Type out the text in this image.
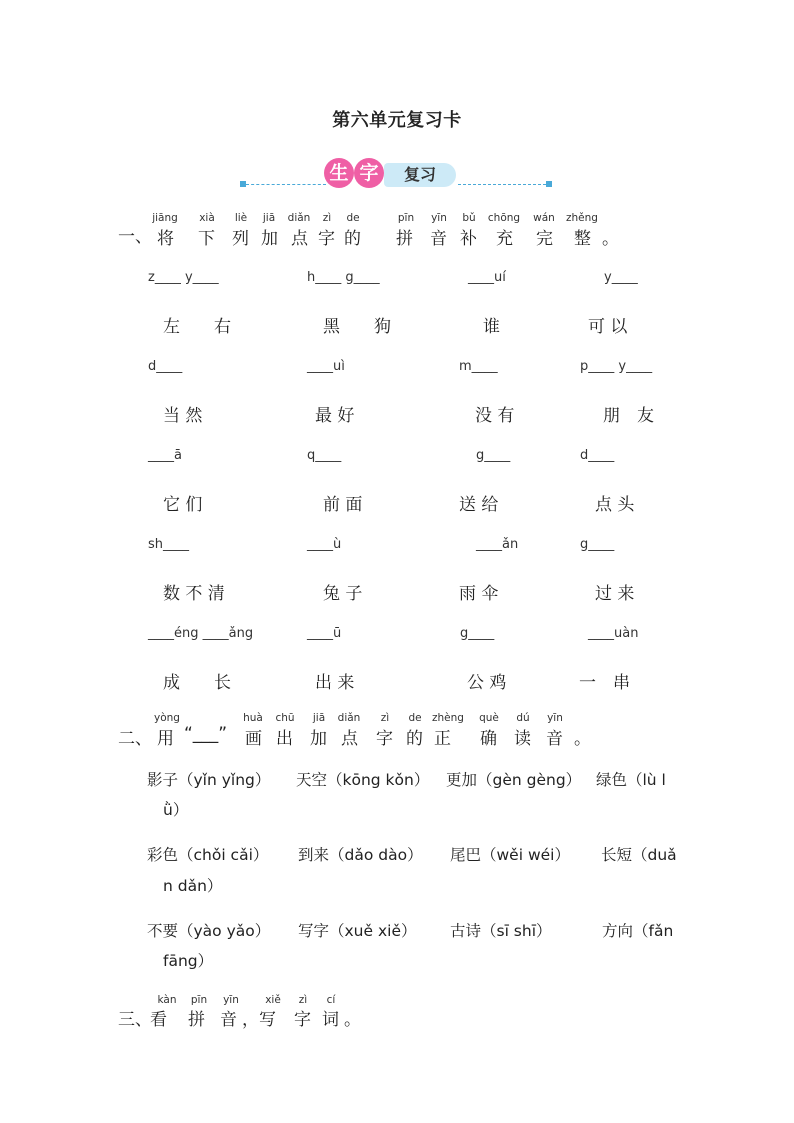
第六单元复习卡
生 字	复习
一、
jiāng	xià	liè	jiā	diǎn	zì	de	pīn	yīn	bǔ	chōng	wán	zhěng
将 下 列 加 点 字 的 拼 音 补 充 完 整 。
z____ y____	h____ g____	____uí	y____
左　　右	黑　　狗	谁	可 以
d____	____uì	m____	p____ y____
当 然	最 好	没 有	朋　友
____ā	q____	g____	d____
它 们	前 面	送 给	点 头
sh____	____ù	____ǎn	g____
数 不 清	兔 子	雨 伞	过 来
____éng ____ǎng	____ū	g____	____uàn
成　　长	出 来	公 鸡	一　串
二、
yòng	huà	chū	jiā	diǎn	zì	de zhèng	què	dú	yīn
用 “___” 画 出 加 点 字 的 正 确 读 音 。
影子（yǐn yǐng） 天空（kōng kǒn） 更加（gèn gèng） 绿色（lù l
ǜ）
彩色（chǒi cǎi） 到来（dǎo dào） 尾巴（wěi wéi） 长短（duǎ
n dǎn）
不要（yào yǎo） 写字（xuě xiě） 古诗（sī shī）	方向（fǎn
fāng）
三、
kàn	pīn	yīn	xiě	zì	cí
看 拼 音 ，写 字 词 。
